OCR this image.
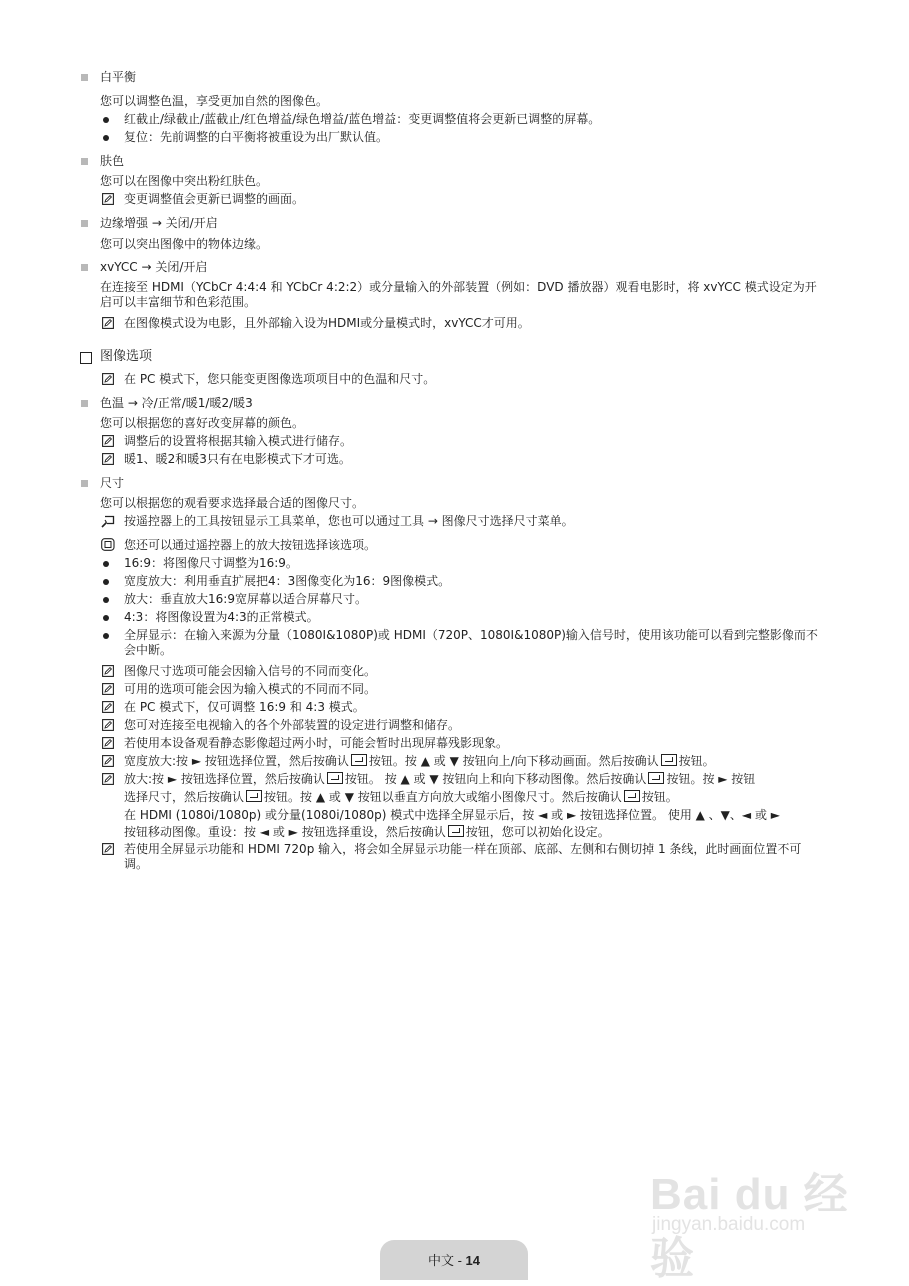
白平衡
您可以调整色温，享受更加自然的图像色。
红截止/绿截止/蓝截止/红色增益/绿色增益/蓝色增益：变更调整值将会更新已调整的屏幕。
复位：先前调整的白平衡将被重设为出厂默认值。
肤色
您可以在图像中突出粉红肤色。
变更调整值会更新已调整的画面。
边缘增强 → 关闭/开启
您可以突出图像中的物体边缘。
xvYCC → 关闭/开启
在连接至 HDMI（YCbCr 4:4:4 和 YCbCr 4:2:2）或分量输入的外部装置（例如：DVD 播放器）观看电影时，将 xvYCC 模式设定为开启可以丰富细节和色彩范围。
在图像模式设为电影，且外部输入设为HDMI或分量模式时，xvYCC才可用。
图像选项
在 PC 模式下，您只能变更图像选项项目中的色温和尺寸。
色温 → 冷/正常/暖1/暖2/暖3
您可以根据您的喜好改变屏幕的颜色。
调整后的设置将根据其输入模式进行储存。
暖1、暖2和暖3只有在电影模式下才可选。
尺寸
您可以根据您的观看要求选择最合适的图像尺寸。
按遥控器上的工具按钮显示工具菜单，您也可以通过工具 → 图像尺寸选择尺寸菜单。
您还可以通过遥控器上的放大按钮选择该选项。
16:9：将图像尺寸调整为16:9。
宽度放大：利用垂直扩展把4：3图像变化为16：9图像模式。
放大：垂直放大16:9宽屏幕以适合屏幕尺寸。
4:3：将图像设置为4:3的正常模式。
全屏显示：在输入来源为分量（1080I&1080P)或 HDMI（720P、1080I&1080P)输入信号时，使用该功能可以看到完整影像而不会中断。
图像尺寸选项可能会因输入信号的不同而变化。
可用的选项可能会因为输入模式的不同而不同。
在 PC 模式下，仅可调整 16:9 和 4:3 模式。
您可对连接至电视输入的各个外部装置的设定进行调整和储存。
若使用本设备观看静态影像超过两小时，可能会暂时出现屏幕残影现象。
宽度放大:按 ► 按钮选择位置，然后按确认 按钮。按 ▲ 或 ▼ 按钮向上/向下移动画面。然后按确认 按钮。
放大:按 ► 按钮选择位置，然后按确认 按钮。 按 ▲ 或 ▼ 按钮向上和向下移动图像。然后按确认 按钮。按 ► 按钮
选择尺寸，然后按确认 按钮。按 ▲ 或 ▼ 按钮以垂直方向放大或缩小图像尺寸。然后按确认 按钮。
在 HDMI (1080i/1080p) 或分量(1080i/1080p) 模式中选择全屏显示后，按 ◄ 或 ► 按钮选择位置。 使用 ▲ 、▼、◄ 或 ►
按钮移动图像。重设：按 ◄ 或 ► 按钮选择重设，然后按确认 按钮，您可以初始化设定。
若使用全屏显示功能和 HDMI 720p 输入，将会如全屏显示功能一样在顶部、底部、左侧和右侧切掉 1 条线，此时画面位置不可调。
Bai du 经验
jingyan.baidu.com
中文 - 14
